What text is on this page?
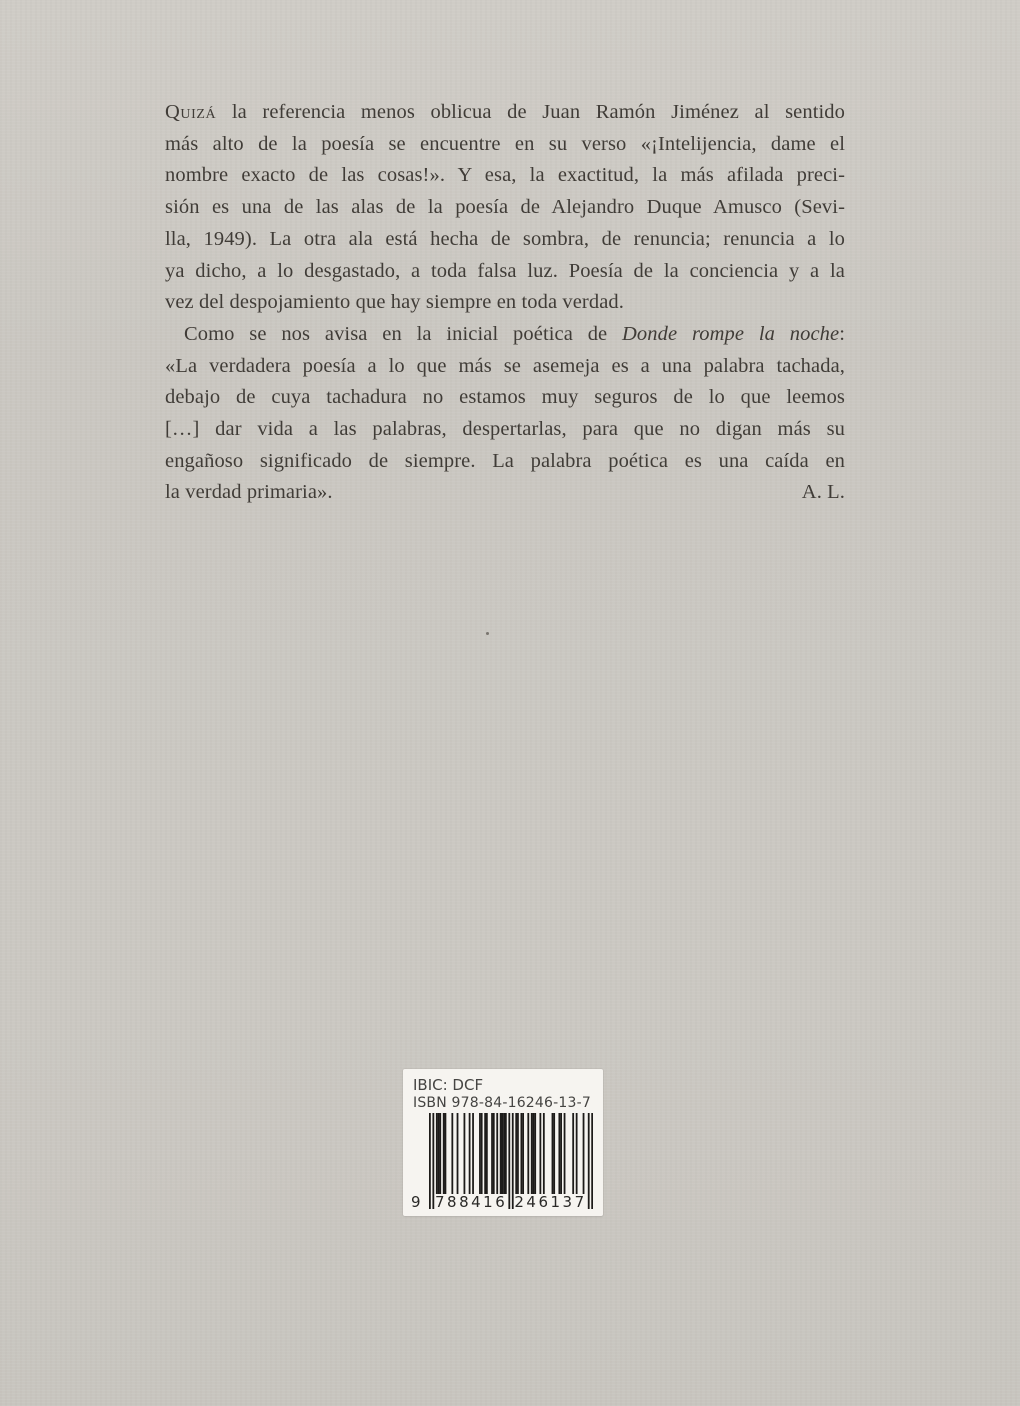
Quizá la referencia menos oblicua de Juan Ramón Jiménez al sentido
más alto de la poesía se encuentre en su verso «¡Intelijencia, dame el
nombre exacto de las cosas!». Y esa, la exactitud, la más afilada preci-
sión es una de las alas de la poesía de Alejandro Duque Amusco (Sevi-
lla, 1949). La otra ala está hecha de sombra, de renuncia; renuncia a lo
ya dicho, a lo desgastado, a toda falsa luz. Poesía de la conciencia y a la
vez del despojamiento que hay siempre en toda verdad.
Como se nos avisa en la inicial poética de Donde rompe la noche:
«La verdadera poesía a lo que más se asemeja es a una palabra tachada,
debajo de cuya tachadura no estamos muy seguros de lo que leemos
[…] dar vida a las palabras, despertarlas, para que no digan más su
engañoso significado de siempre. La palabra poética es una caída en
la verdad primaria».	A. L.
IBIC: DCF
ISBN 978-84-16246-13-7
9 788416 246137
